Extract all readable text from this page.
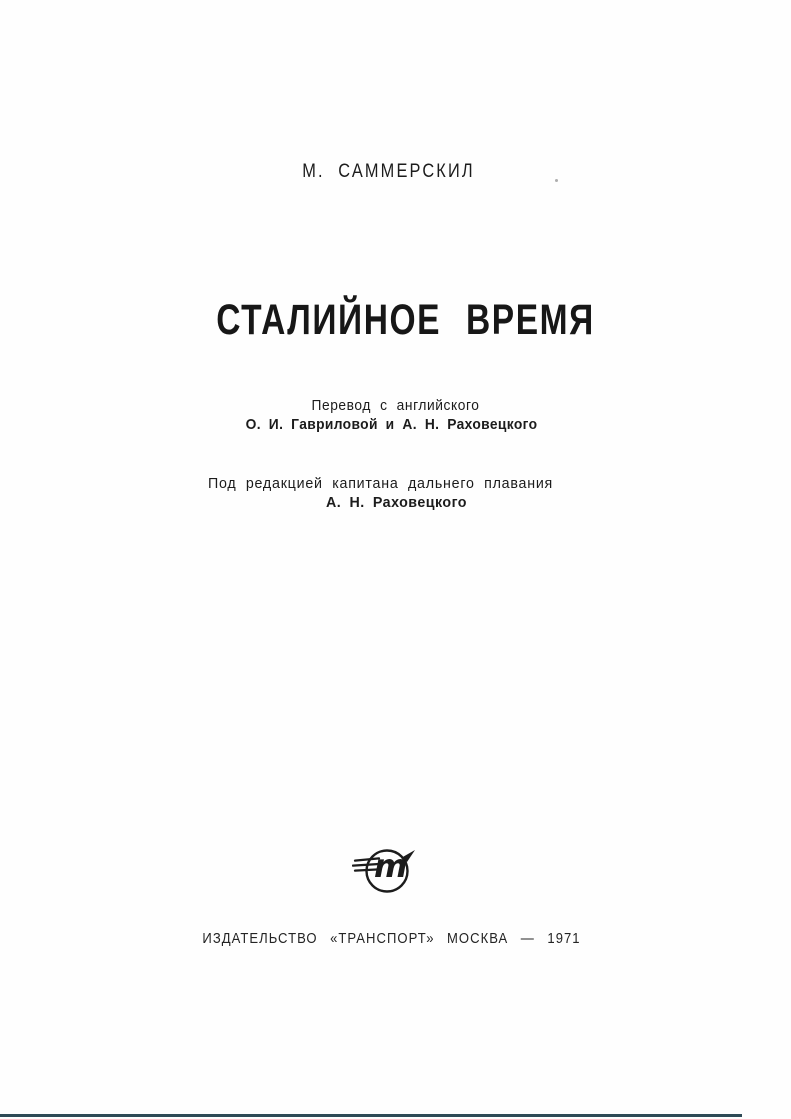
М. САММЕРСКИЛ
СТАЛИЙНОЕ ВРЕМЯ
Перевод с английского
О. И. Гавриловой и А. Н. Раховецкого
Под редакцией капитана дальнего плавания
А. Н. Раховецкого
m
ИЗДАТЕЛЬСТВО «ТРАНСПОРТ» МОСКВА — 1971
